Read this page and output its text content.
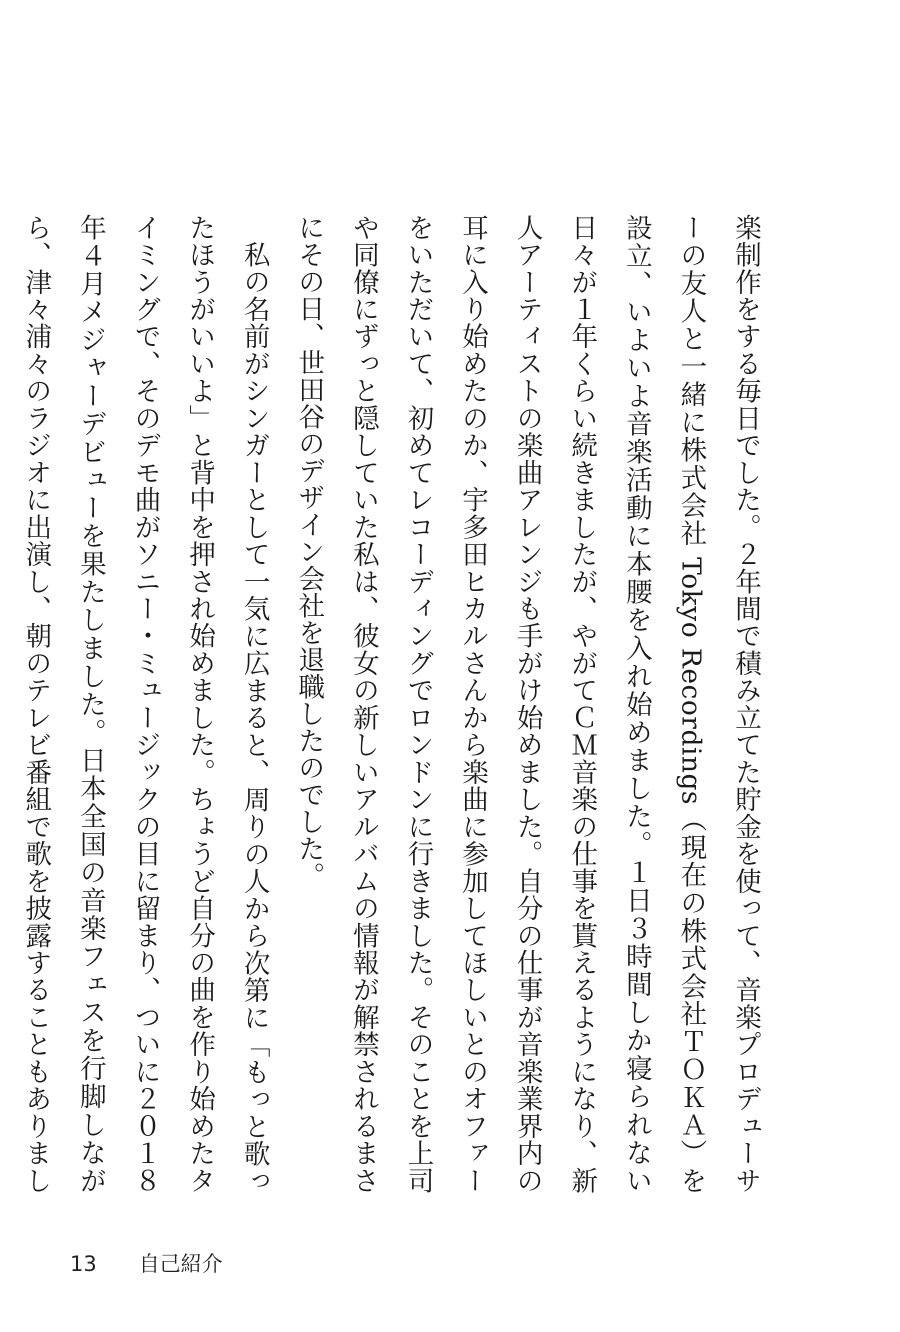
楽制作をする毎日でした。２年間で積み立てた貯金を使って、音楽プロデューサーの友人と一緒に株式会社 Tokyo Recordings（現在の株式会社ＴＯＫＡ）を設立、いよいよ音楽活動に本腰を入れ始めました。１日３時間しか寝られない日々が１年くらい続きましたが、やがてＣＭ音楽の仕事を貰えるようになり、新人アーティストの楽曲アレンジも手がけ始めました。自分の仕事が音楽業界内の耳に入り始めたのか、宇多田ヒカルさんから楽曲に参加してほしいとのオファーをいただいて、初めてレコーディングでロンドンに行きました。そのことを上司や同僚にずっと隠していた私は、彼女の新しいアルバムの情報が解禁されるまさにその日、世田谷のデザイン会社を退職したのでした。

私の名前がシンガーとして一気に広まると、周りの人から次第に「もっと歌ったほうがいいよ」と背中を押され始めました。ちょうど自分の曲を作り始めたタイミングで、そのデモ曲がソニー・ミュージックの目に留まり、ついに２０１８年４月メジャーデビューを果たしました。日本全国の音楽フェスを行脚しながら、津々浦々のラジオに出演し、朝のテレビ番組で歌を披露することもありまし

13 自己紹介
